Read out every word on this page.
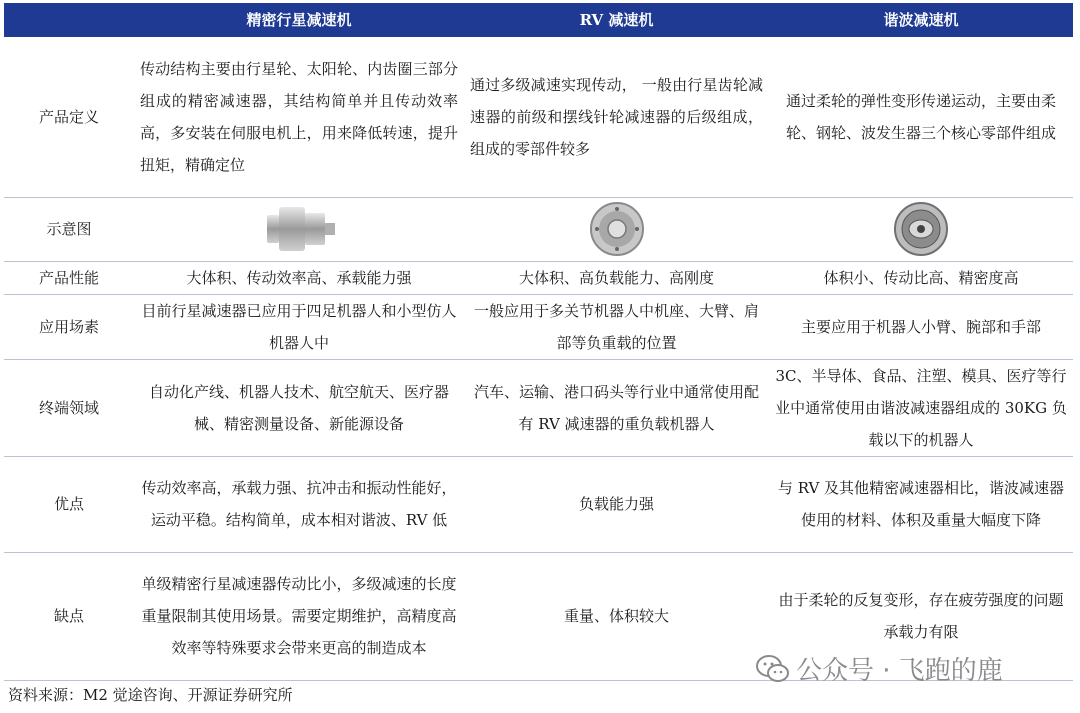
	精密行星减速机	RV 减速机	谐波减速机
产品定义	传动结构主要由行星轮、太阳轮、内齿圈三部分组成的精密减速器，其结构简单并且传动效率高，多安装在伺服电机上，用来降低转速，提升扭矩，精确定位	通过多级减速实现传动， 一般由行星齿轮减速器的前级和摆线针轮减速器的后级组成，组成的零部件较多	通过柔轮的弹性变形传递运动，主要由柔轮、钢轮、波发生器三个核心零部件组成
示意图	

产品性能	大体积、传动效率高、承载能力强	大体积、高负载能力、高刚度	体积小、传动比高、精密度高
应用场素	目前行星减速器已应用于四足机器人和小型仿人机器人中	一般应用于多关节机器人中机座、大臂、肩部等负重载的位置	主要应用于机器人小臂、腕部和手部
终端领域	自动化产线、机器人技术、航空航天、医疗器械、精密测量设备、新能源设备	汽车、运输、港口码头等行业中通常使用配有 RV 减速器的重负载机器人	3C、半导体、食品、注塑、模具、医疗等行业中通常使用由谐波减速器组成的 30KG 负载以下的机器人
优点	传动效率高，承载力强、抗冲击和振动性能好，运动平稳。结构简单，成本相对谐波、RV 低	负载能力强	与 RV 及其他精密减速器相比，谐波减速器使用的材料、体积及重量大幅度下降
缺点	单级精密行星减速器传动比小，多级减速的长度重量限制其使用场景。需要定期维护，高精度高效率等特殊要求会带来更高的制造成本	重量、体积较大	由于柔轮的反复变形，存在疲劳强度的问题承载力有限
资料来源：M2 觉途咨询、开源证券研究所
公众号 · 飞跑的鹿
